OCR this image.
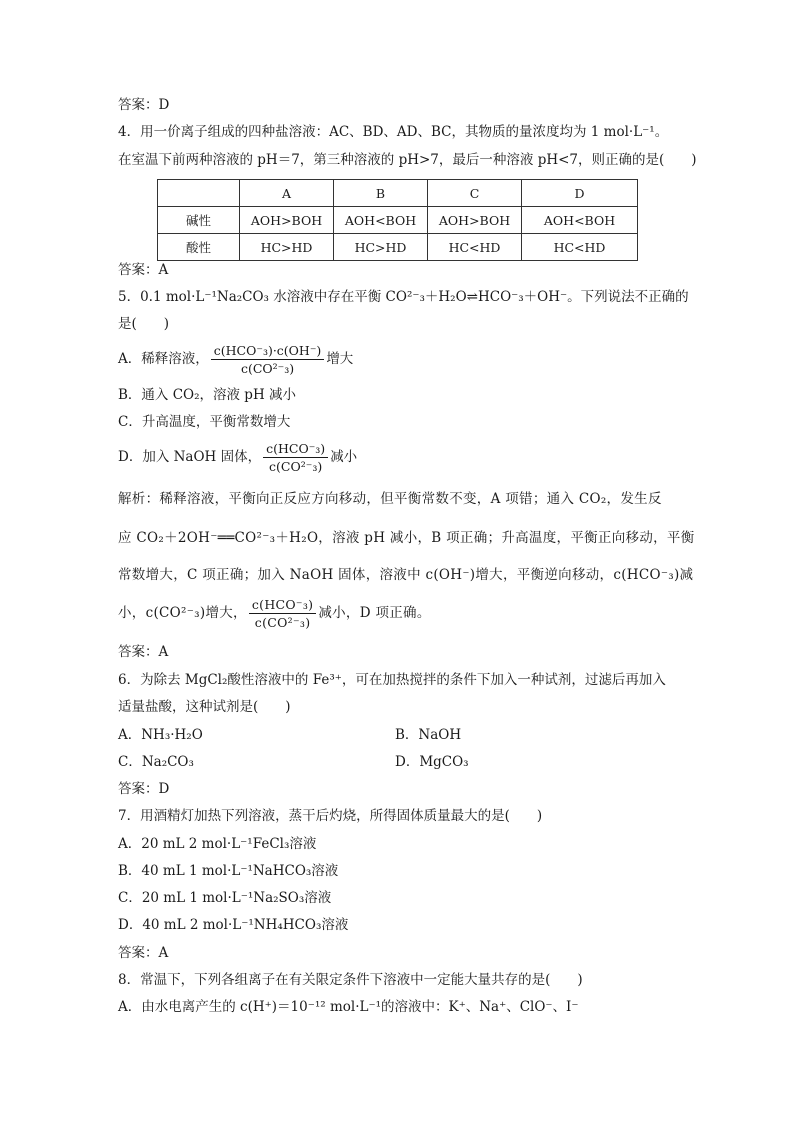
答案：D
4．用一价离子组成的四种盐溶液：AC、BD、AD、BC，其物质的量浓度均为 1 mol·L⁻¹。
在室温下前两种溶液的 pH＝7，第三种溶液的 pH>7，最后一种溶液 pH<7，则正确的是(　　)
	A	B	C	D
碱性	AOH>BOH	AOH<BOH	AOH>BOH	AOH<BOH
酸性	HC>HD	HC>HD	HC<HD	HC<HD
答案：A
5．0.1 mol·L⁻¹Na₂CO₃ 水溶液中存在平衡 CO²⁻₃＋H₂O⇌HCO⁻₃＋OH⁻。下列说法不正确的
是(　　)
A．稀释溶液， $\frac{\text{c(HCO⁻₃)·c(OH⁻)}}{\text{c(CO²⁻₃)}}$ 增大
B．通入 CO₂，溶液 pH 减小
C．升高温度，平衡常数增大
D．加入 NaOH 固体， $\frac{\text{c(HCO⁻₃)}}{\text{c(CO²⁻₃)}}$ 减小
解析：稀释溶液，平衡向正反应方向移动，但平衡常数不变，A 项错；通入 CO₂，发生反
应 CO₂＋2OH⁻══CO²⁻₃＋H₂O，溶液 pH 减小，B 项正确；升高温度，平衡正向移动，平衡
常数增大，C 项正确；加入 NaOH 固体，溶液中 c(OH⁻)增大，平衡逆向移动，c(HCO⁻₃)减
小，c(CO²⁻₃)增大， $\frac{\text{c(HCO⁻₃)}}{\text{c(CO²⁻₃)}}$ 减小，D 项正确。
答案：A
6．为除去 MgCl₂酸性溶液中的 Fe³⁺，可在加热搅拌的条件下加入一种试剂，过滤后再加入
适量盐酸，这种试剂是(　　)
A．NH₃·H₂O	B．NaOH
C．Na₂CO₃	D．MgCO₃
答案：D
7．用酒精灯加热下列溶液，蒸干后灼烧，所得固体质量最大的是(　　)
A．20 mL 2 mol·L⁻¹FeCl₃溶液
B．40 mL 1 mol·L⁻¹NaHCO₃溶液
C．20 mL 1 mol·L⁻¹Na₂SO₃溶液
D．40 mL 2 mol·L⁻¹NH₄HCO₃溶液
答案：A
8．常温下，下列各组离子在有关限定条件下溶液中一定能大量共存的是(　　)
A．由水电离产生的 c(H⁺)＝10⁻¹² mol·L⁻¹的溶液中：K⁺、Na⁺、ClO⁻、I⁻
